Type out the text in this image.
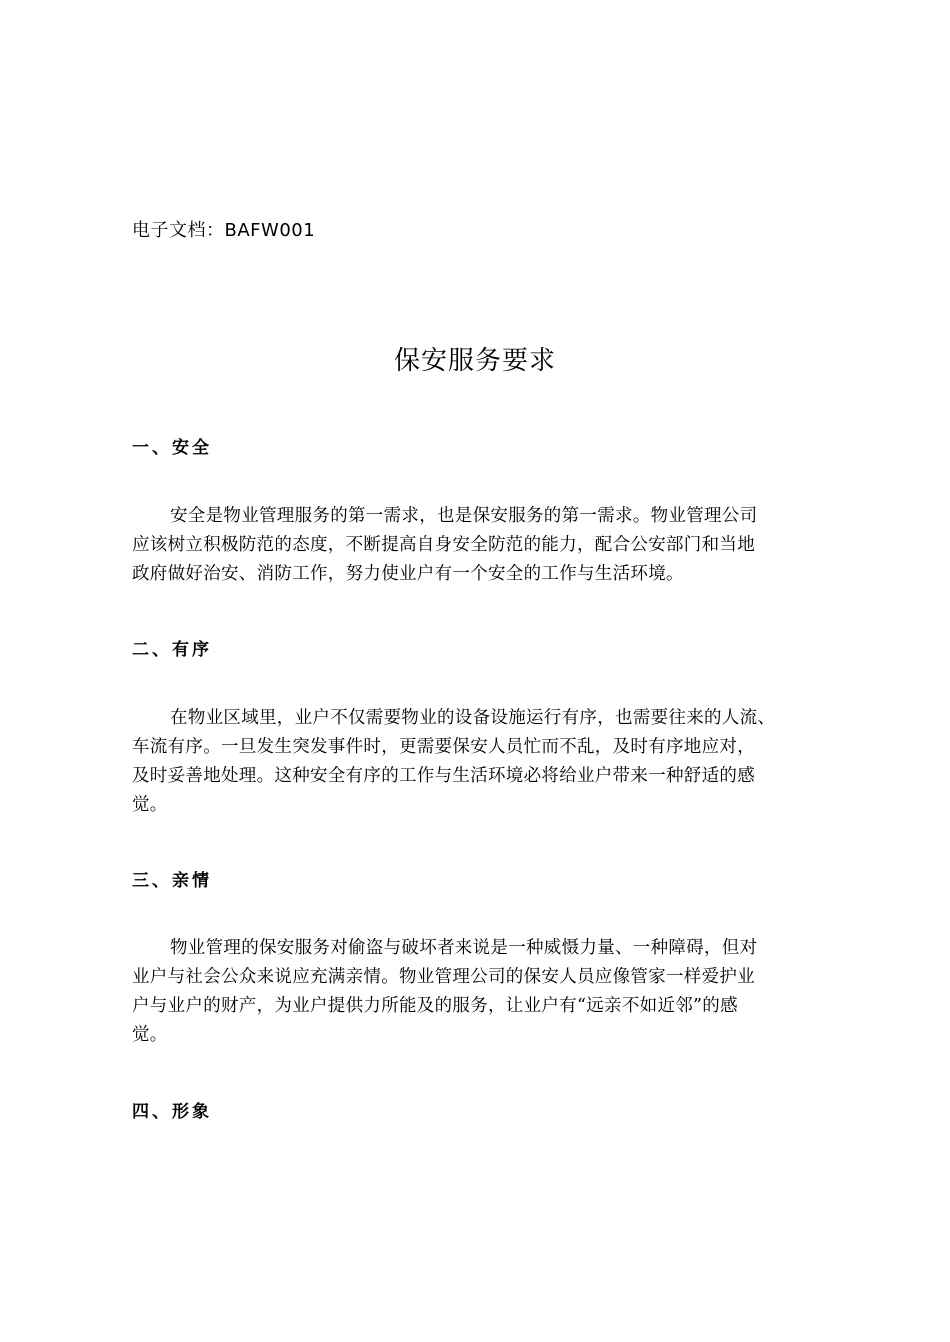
电子文档：BAFW001
保安服务要求
一、安全

安全是物业管理服务的第一需求，也是保安服务的第一需求。物业管理公司
应该树立积极防范的态度，不断提高自身安全防范的能力，配合公安部门和当地
政府做好治安、消防工作，努力使业户有一个安全的工作与生活环境。

二、有序

在物业区域里，业户不仅需要物业的设备设施运行有序，也需要往来的人流、
车流有序。一旦发生突发事件时，更需要保安人员忙而不乱，及时有序地应对，
及时妥善地处理。这种安全有序的工作与生活环境必将给业户带来一种舒适的感
觉。

三、亲情

物业管理的保安服务对偷盗与破坏者来说是一种威慑力量、一种障碍，但对
业户与社会公众来说应充满亲情。物业管理公司的保安人员应像管家一样爱护业
户与业户的财产，为业户提供力所能及的服务，让业户有“远亲不如近邻”的感
觉。

四、形象
